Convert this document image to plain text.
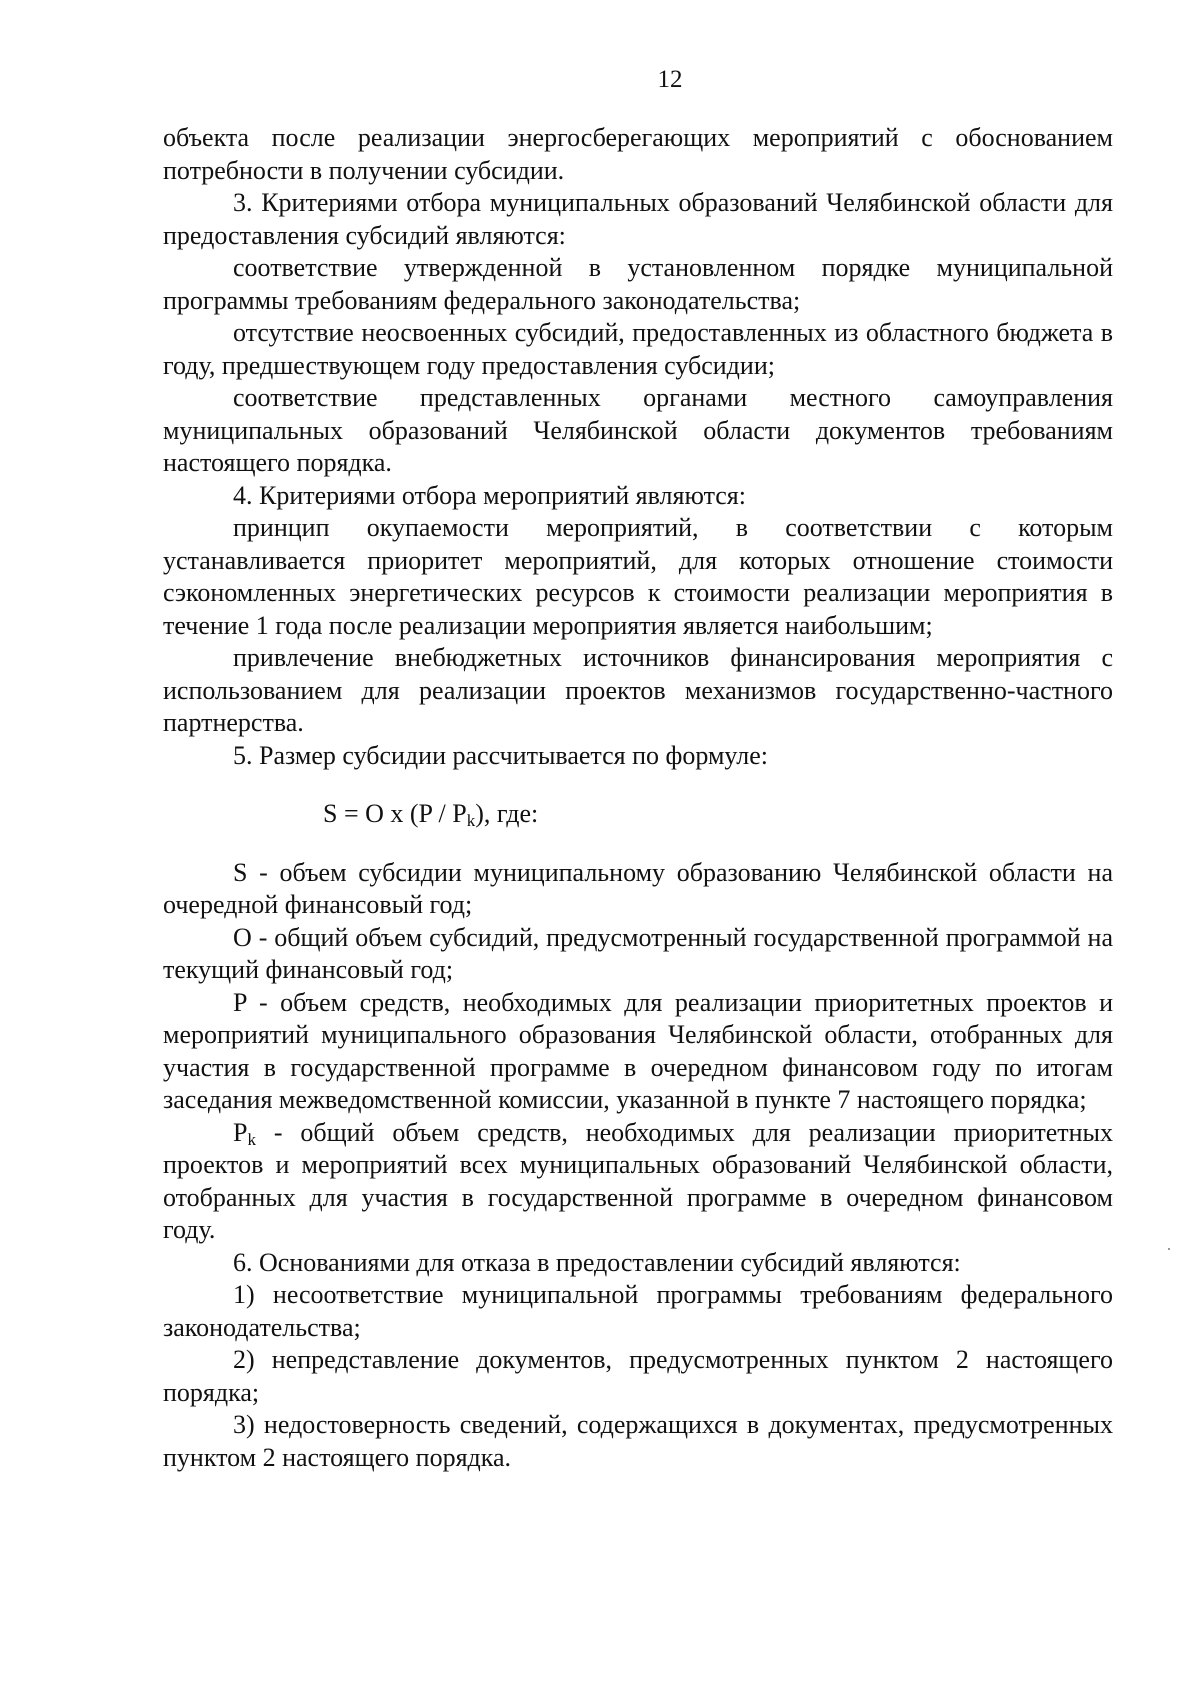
12

объекта после реализации энергосберегающих мероприятий с обоснованием потребности в получении субсидии.

3. Критериями отбора муниципальных образований Челябинской области для предоставления субсидий являются:

соответствие утвержденной в установленном порядке муниципальной программы требованиям федерального законодательства;

отсутствие неосвоенных субсидий, предоставленных из областного бюджета в году, предшествующем году предоставления субсидии;

соответствие представленных органами местного самоуправления муниципальных образований Челябинской области документов требованиям настоящего порядка.

4. Критериями отбора мероприятий являются:

принцип окупаемости мероприятий, в соответствии с которым устанавливается приоритет мероприятий, для которых отношение стоимости сэкономленных энергетических ресурсов к стоимости реализации мероприятия в течение 1 года после реализации мероприятия является наибольшим;

привлечение внебюджетных источников финансирования мероприятия с использованием для реализации проектов механизмов государственно-частного партнерства.

5. Размер субсидии рассчитывается по формуле:

S = O x $(P / P_k)$, где:

S - объем субсидии муниципальному образованию Челябинской области на очередной финансовый год;

O - общий объем субсидий, предусмотренный государственной программой на текущий финансовый год;

P - объем средств, необходимых для реализации приоритетных проектов и мероприятий муниципального образования Челябинской области, отобранных для участия в государственной программе в очередном финансовом году по итогам заседания межведомственной комиссии, указанной в пункте 7 настоящего порядка;

$P_k$ - общий объем средств, необходимых для реализации приоритетных проектов и мероприятий всех муниципальных образований Челябинской области, отобранных для участия в государственной программе в очередном финансовом году.

6. Основаниями для отказа в предоставлении субсидий являются:

1) несоответствие муниципальной программы требованиям федерального законодательства;

2) непредставление документов, предусмотренных пунктом 2 настоящего порядка;

3) недостоверность сведений, содержащихся в документах, предусмотренных пунктом 2 настоящего порядка.
